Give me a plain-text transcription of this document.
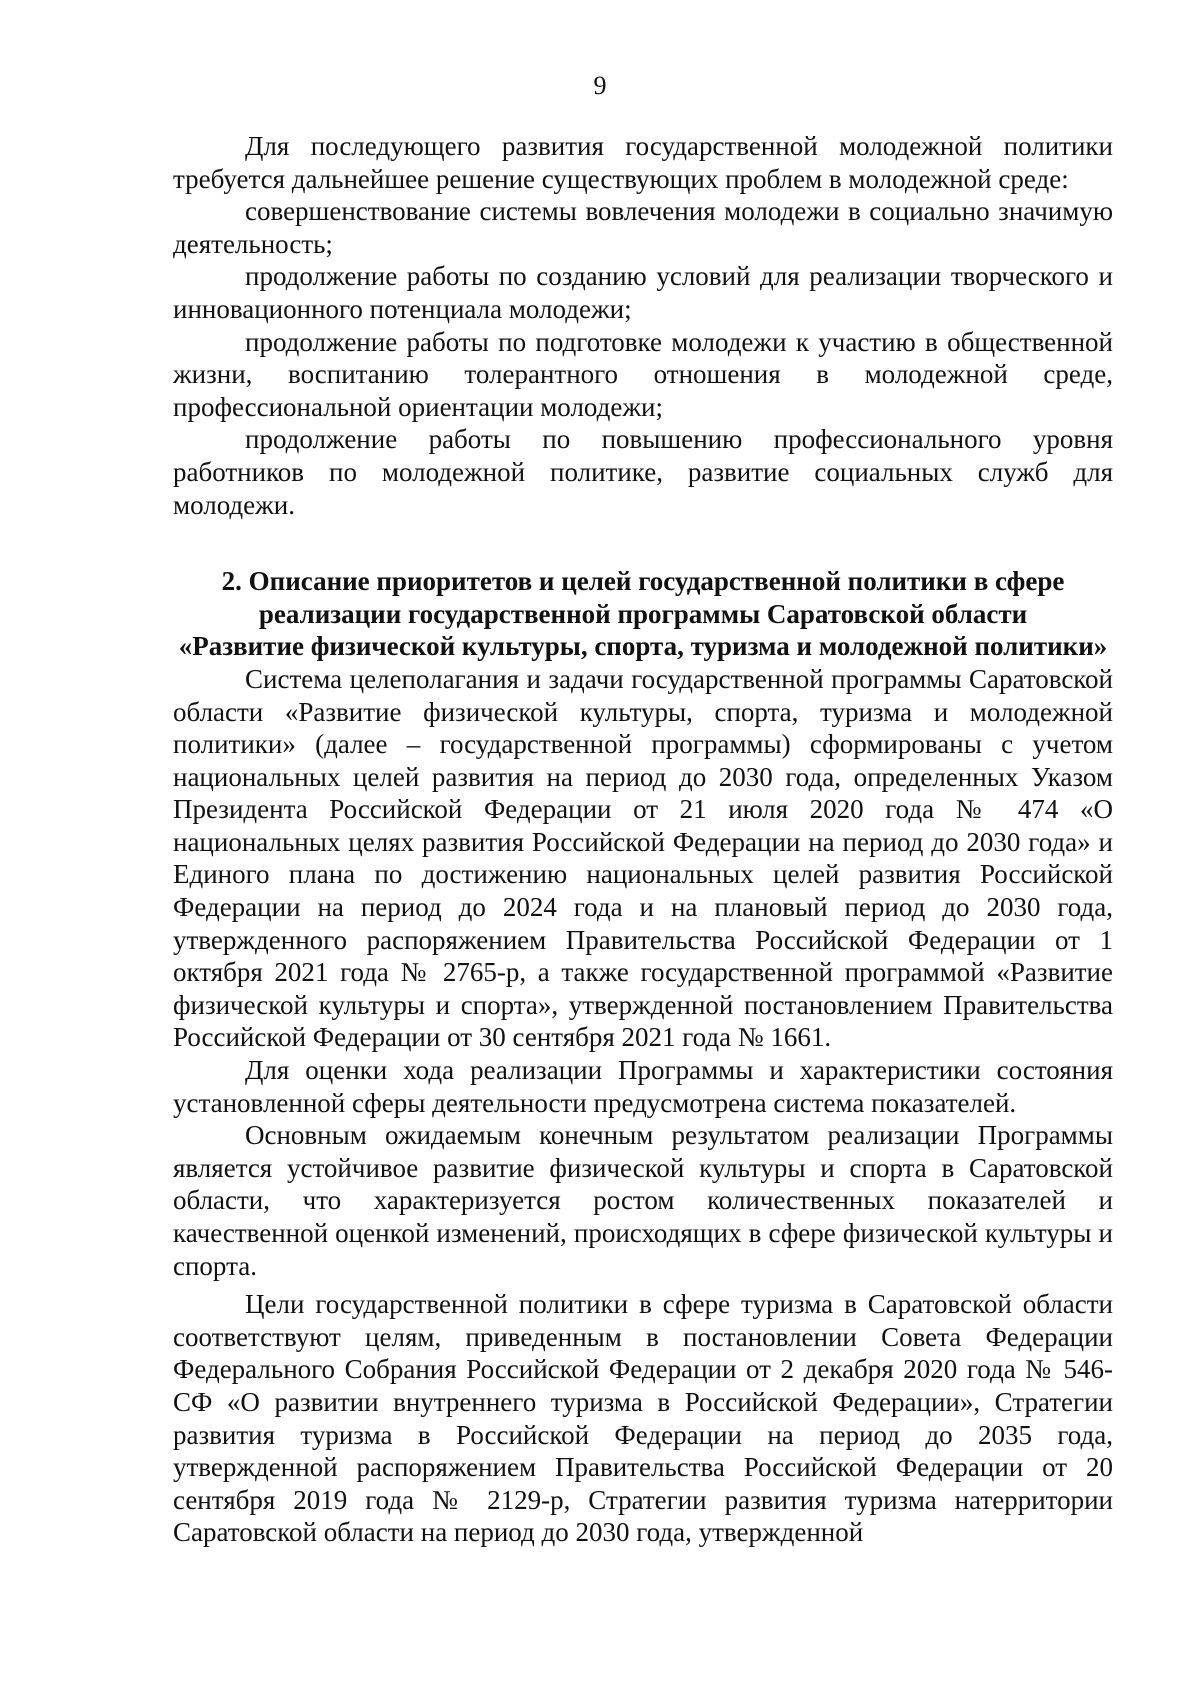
9

Для последующего развития государственной молодежной политики требуется дальнейшее решение существующих проблем в молодежной среде:

совершенствование системы вовлечения молодежи в социально значимую деятельность;

продолжение работы по созданию условий для реализации творческого и инновационного потенциала молодежи;

продолжение работы по подготовке молодежи к участию в общественной жизни, воспитанию толерантного отношения в молодежной среде, профессиональной ориентации молодежи;

продолжение работы по повышению профессионального уровня работников по молодежной политике, развитие социальных служб для молодежи.

2. Описание приоритетов и целей государственной политики в сфере
реализации государственной программы Саратовской области
«Развитие физической культуры, спорта, туризма и молодежной политики»

Система целеполагания и задачи государственной программы Саратовской области «Развитие физической культуры, спорта, туризма и молодежной политики» (далее – государственной программы) сформированы с учетом национальных целей развития на период до 2030 года, определенных Указом Президента Российской Федерации от 21 июля 2020 года № 474 «О национальных целях развития Российской Федерации на период до 2030 года» и Единого плана по достижению национальных целей развития Российской Федерации на период до 2024 года и на плановый период до 2030 года, утвержденного распоряжением Правительства Российской Федерации от 1 октября 2021 года № 2765-р, а также государственной программой «Развитие физической культуры и спорта», утвержденной постановлением Правительства Российской Федерации от 30 сентября 2021 года № 1661.

Для оценки хода реализации Программы и характеристики состояния установленной сферы деятельности предусмотрена система показателей.

Основным ожидаемым конечным результатом реализации Программы является устойчивое развитие физической культуры и спорта в Саратовской области, что характеризуется ростом количественных показателей и качественной оценкой изменений, происходящих в сфере физической культуры и спорта.

Цели государственной политики в сфере туризма в Саратовской области соответствуют целям, приведенным в постановлении Совета Федерации Федерального Собрания Российской Федерации от 2 декабря 2020 года № 546-СФ «О развитии внутреннего туризма в Российской Федерации», Стратегии развития туризма в Российской Федерации на период до 2035 года, утвержденной распоряжением Правительства Российской Федерации от 20 сентября 2019 года № 2129-р, Стратегии развития туризма натерритории Саратовской области на период до 2030 года, утвержденной
